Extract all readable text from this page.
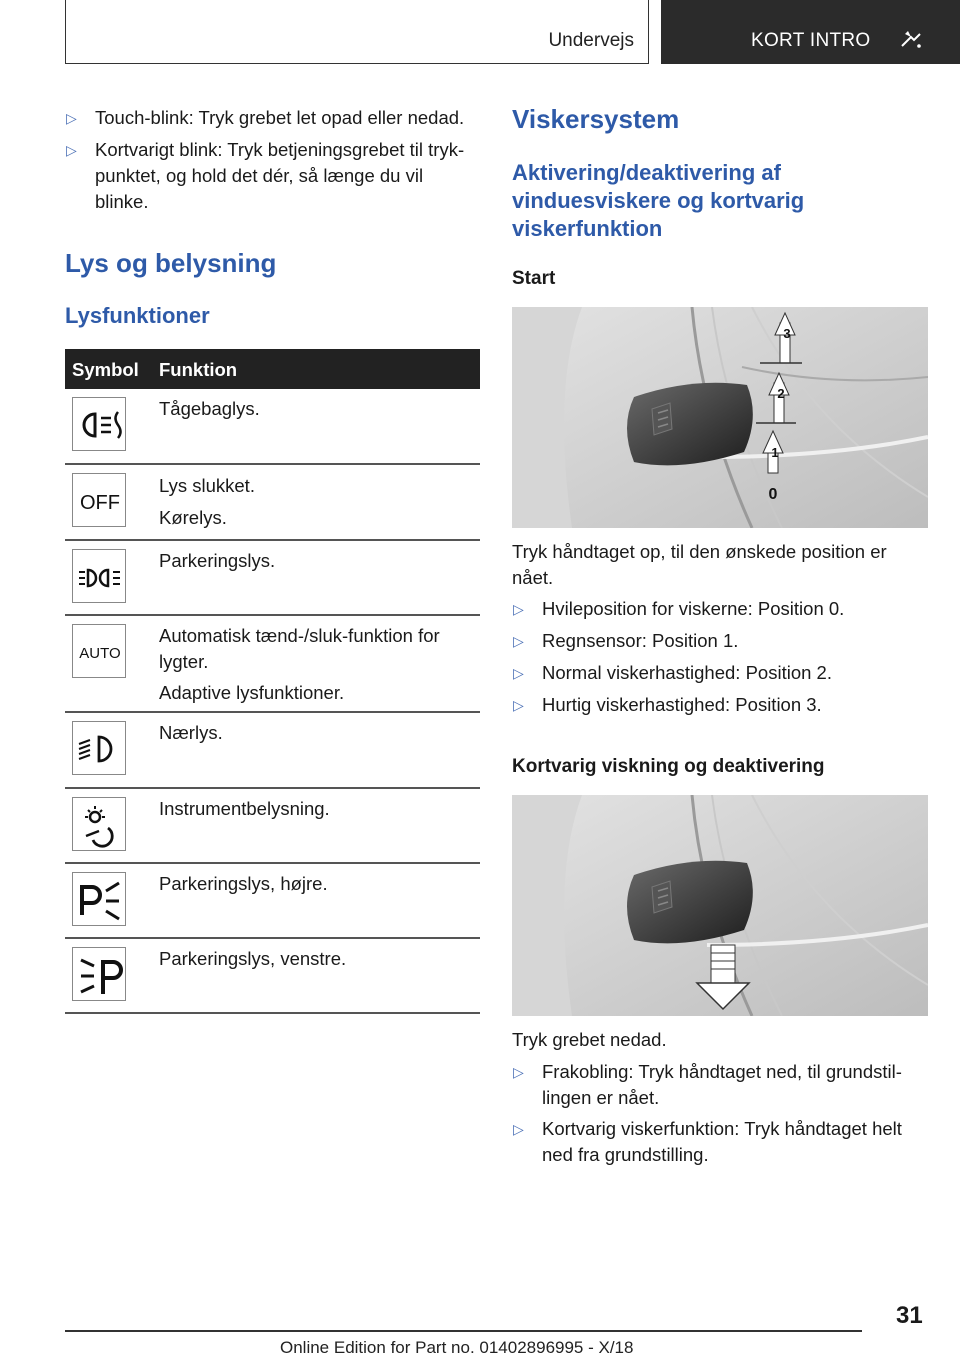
Undervejs	KORT INTRO
▷ Touch-blink: Tryk grebet let opad eller nedad.
▷ Kortvarigt blink: Tryk betjeningsgrebet til tryk-
punktet, og hold det dér, så længe du vil
blinke.
Lys og belysning
Lysfunktioner
Symbol Funktion
Tågebaglys.
OFF
Lys slukket.
Kørelys.
Parkeringslys.
AUTO
Automatisk tænd-/sluk-funktion for
lygter.
Adaptive lysfunktioner.
Nærlys.
Instrumentbelysning.
Parkeringslys, højre.
Parkeringslys, venstre.
Viskersystem
Aktivering/deaktivering af
vinduesviskere og kortvarig
viskerfunktion
Start
3
2
1
0
Tryk håndtaget op, til den ønskede position er
nået.
▷ Hvileposition for viskerne: Position 0.
▷ Regnsensor: Position 1.
▷ Normal viskerhastighed: Position 2.
▷ Hurtig viskerhastighed: Position 3.
Kortvarig viskning og deaktivering
Tryk grebet nedad.
▷ Frakobling: Tryk håndtaget ned, til grundstil-
lingen er nået.
▷ Kortvarig viskerfunktion: Tryk håndtaget helt
ned fra grundstilling.
31
Online Edition for Part no. 01402896995 - X/18
